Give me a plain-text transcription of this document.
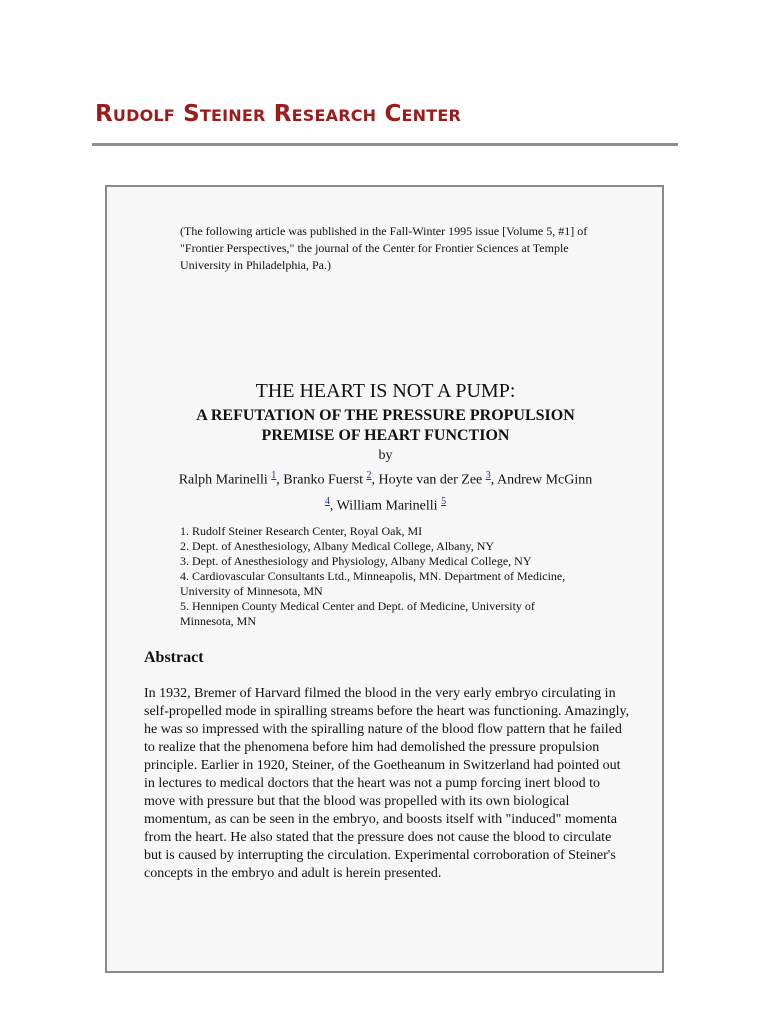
Rudolf Steiner Research Center

(The following article was published in the Fall-Winter 1995 issue [Volume 5, #1] of "Frontier Perspectives," the journal of the Center for Frontier Sciences at Temple University in Philadelphia, Pa.)

THE HEART IS NOT A PUMP:
A REFUTATION OF THE PRESSURE PROPULSION
PREMISE OF HEART FUNCTION
by
Ralph Marinelli $^1$, Branko Fuerst $^2$, Hoyte van der Zee $^3$, Andrew McGinn
$^4$, William Marinelli $^5$
1. Rudolf Steiner Research Center, Royal Oak, MI
2. Dept. of Anesthesiology, Albany Medical College, Albany, NY
3. Dept. of Anesthesiology and Physiology, Albany Medical College, NY
4. Cardiovascular Consultants Ltd., Minneapolis, MN. Department of Medicine, University of Minnesota, MN
5. Hennipen County Medical Center and Dept. of Medicine, University of Minnesota, MN
Abstract

In 1932, Bremer of Harvard filmed the blood in the very early embryo circulating in self-propelled mode in spiralling streams before the heart was functioning. Amazingly, he was so impressed with the spiralling nature of the blood flow pattern that he failed to realize that the phenomena before him had demolished the pressure propulsion principle. Earlier in 1920, Steiner, of the Goetheanum in Switzerland had pointed out in lectures to medical doctors that the heart was not a pump forcing inert blood to move with pressure but that the blood was propelled with its own biological momentum, as can be seen in the embryo, and boosts itself with "induced" momenta from the heart. He also stated that the pressure does not cause the blood to circulate but is caused by interrupting the circulation. Experimental corroboration of Steiner's concepts in the embryo and adult is herein presented.
